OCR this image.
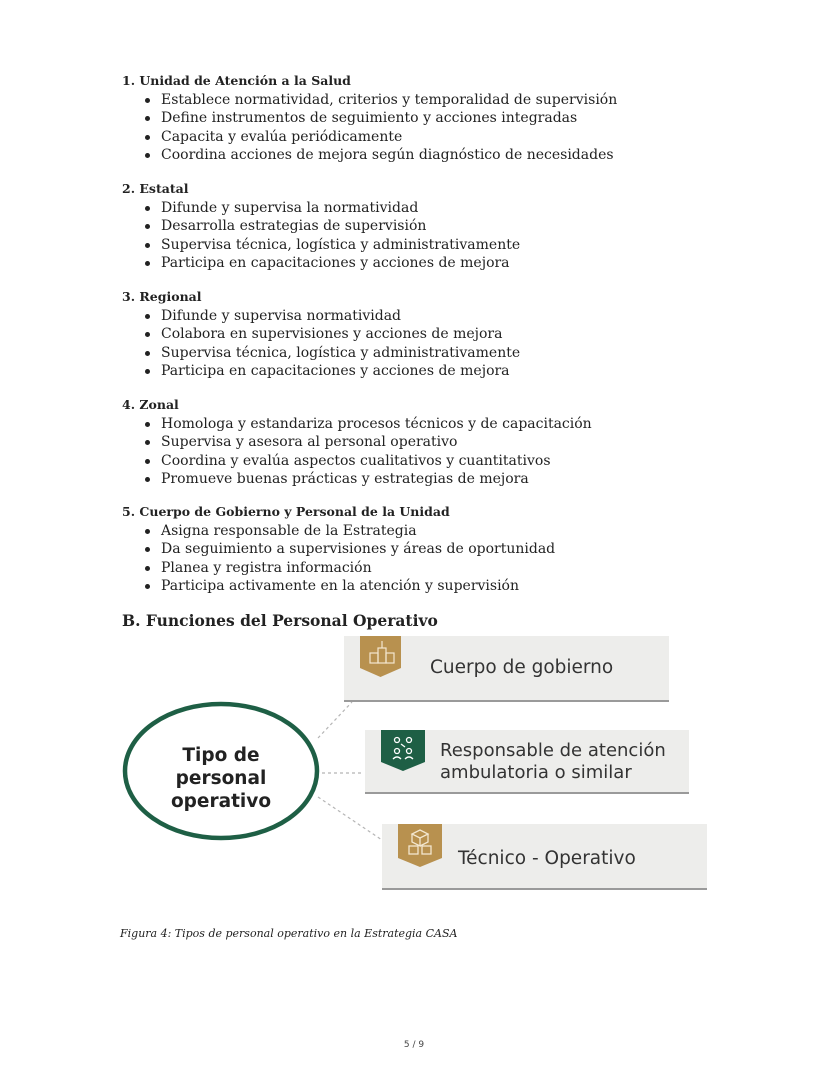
1. Unidad de Atención a la Salud
Establece normatividad, criterios y temporalidad de supervisión
Define instrumentos de seguimiento y acciones integradas
Capacita y evalúa periódicamente
Coordina acciones de mejora según diagnóstico de necesidades
2. Estatal
Difunde y supervisa la normatividad
Desarrolla estrategias de supervisión
Supervisa técnica, logística y administrativamente
Participa en capacitaciones y acciones de mejora
3. Regional
Difunde y supervisa normatividad
Colabora en supervisiones y acciones de mejora
Supervisa técnica, logística y administrativamente
Participa en capacitaciones y acciones de mejora
4. Zonal
Homologa y estandariza procesos técnicos y de capacitación
Supervisa y asesora al personal operativo
Coordina y evalúa aspectos cualitativos y cuantitativos
Promueve buenas prácticas y estrategias de mejora
5. Cuerpo de Gobierno y Personal de la Unidad
Asigna responsable de la Estrategia
Da seguimiento a supervisiones y áreas de oportunidad
Planea y registra información
Participa activamente en la atención y supervisión
B. Funciones del Personal Operativo
Tipo de
personal
operativo
Cuerpo de gobierno
Responsable de atención
ambulatoria o similar
Técnico - Operativo

Figura 4: Tipos de personal operativo en la Estrategia CASA

5 / 9
